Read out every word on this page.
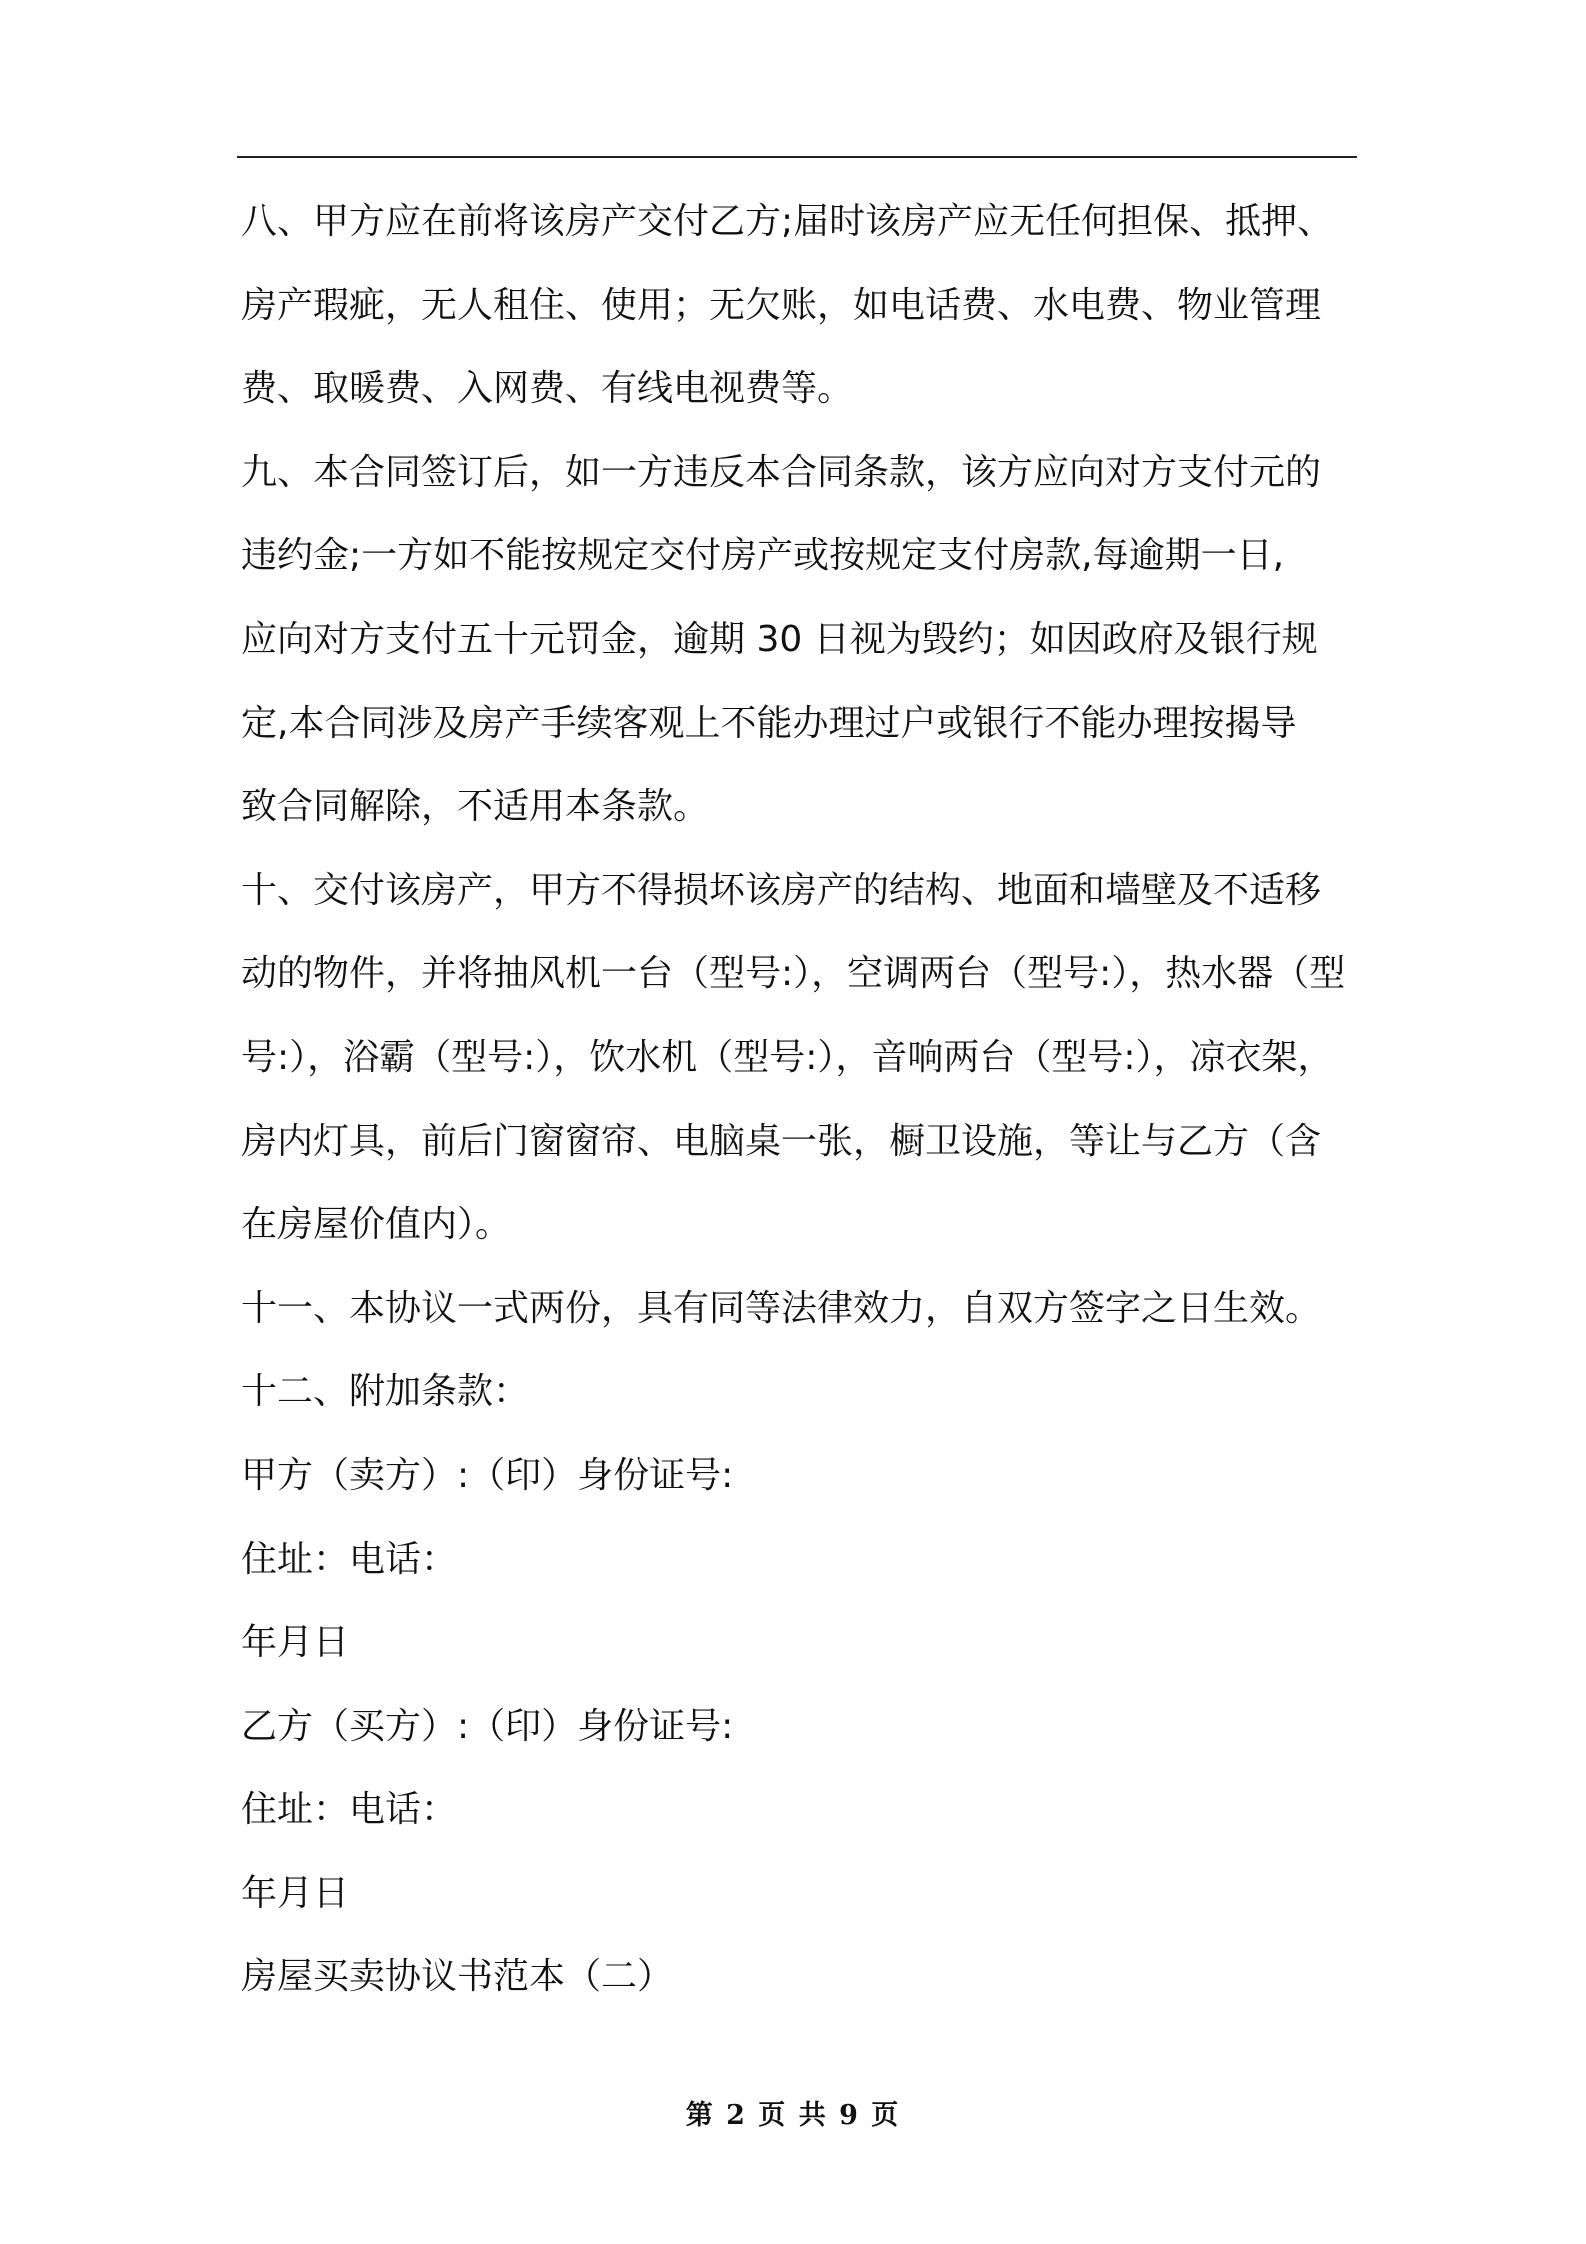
八、甲方应在前将该房产交付乙方;届时该房产应无任何担保、抵押、
房产瑕疵，无人租住、使用；无欠账，如电话费、水电费、物业管理
费、取暖费、入网费、有线电视费等。

九、本合同签订后，如一方违反本合同条款，该方应向对方支付元的
违约金;一方如不能按规定交付房产或按规定支付房款,每逾期一日,
应向对方支付五十元罚金，逾期 30 日视为毁约；如因政府及银行规
定,本合同涉及房产手续客观上不能办理过户或银行不能办理按揭导
致合同解除，不适用本条款。

十、交付该房产，甲方不得损坏该房产的结构、地面和墙壁及不适移
动的物件，并将抽风机一台（型号:），空调两台（型号:），热水器（型
号:），浴霸（型号:），饮水机（型号:），音响两台（型号:），凉衣架，
房内灯具，前后门窗窗帘、电脑桌一张，橱卫设施，等让与乙方（含
在房屋价值内）。

十一、本协议一式两份，具有同等法律效力，自双方签字之日生效。

十二、附加条款：

甲方（卖方）:（印）身份证号:

住址：电话：

年月日

乙方（买方）:（印）身份证号:

住址：电话：

年月日

房屋买卖协议书范本（二）

第 2 页 共 9 页
